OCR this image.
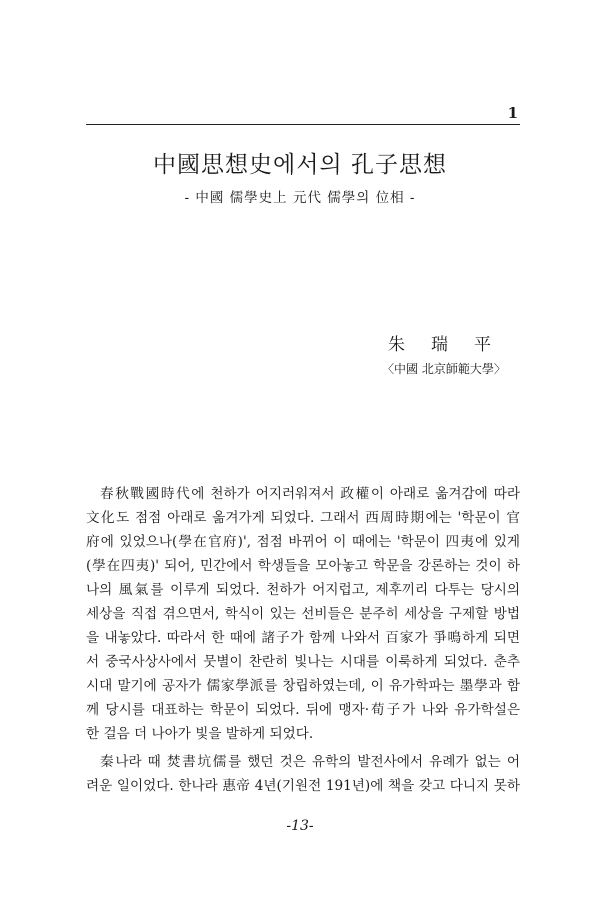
1
中國思想史에서의 孔子思想
- 中國 儒學史上 元代 儒學의 位相 -
朱瑞平
〈中國 北京師範大學〉
春秋戰國時代에 천하가 어지러워져서 政權이 아래로 옮겨감에 따라
文化도 점점 아래로 옮겨가게 되었다. 그래서 西周時期에는 '학문이 官
府에 있었으나(學在官府)', 점점 바뀌어 이 때에는 '학문이 四夷에 있게
(學在四夷)' 되어, 민간에서 학생들을 모아놓고 학문을 강론하는 것이 하
나의 風氣를 이루게 되었다. 천하가 어지럽고, 제후끼리 다투는 당시의
세상을 직접 겪으면서, 학식이 있는 선비들은 분주히 세상을 구제할 방법
을 내놓았다. 따라서 한 때에 諸子가 함께 나와서 百家가 爭鳴하게 되면
서 중국사상사에서 뭇별이 찬란히 빛나는 시대를 이룩하게 되었다. 춘추
시대 말기에 공자가 儒家學派를 창립하였는데, 이 유가학파는 墨學과 함
께 당시를 대표하는 학문이 되었다. 뒤에 맹자·荀子가 나와 유가학설은
한 걸음 더 나아가 빛을 발하게 되었다.
秦나라 때 焚書坑儒를 했던 것은 유학의 발전사에서 유례가 없는 어
려운 일이었다. 한나라 惠帝 4년(기원전 191년)에 책을 갖고 다니지 못하
-13-
